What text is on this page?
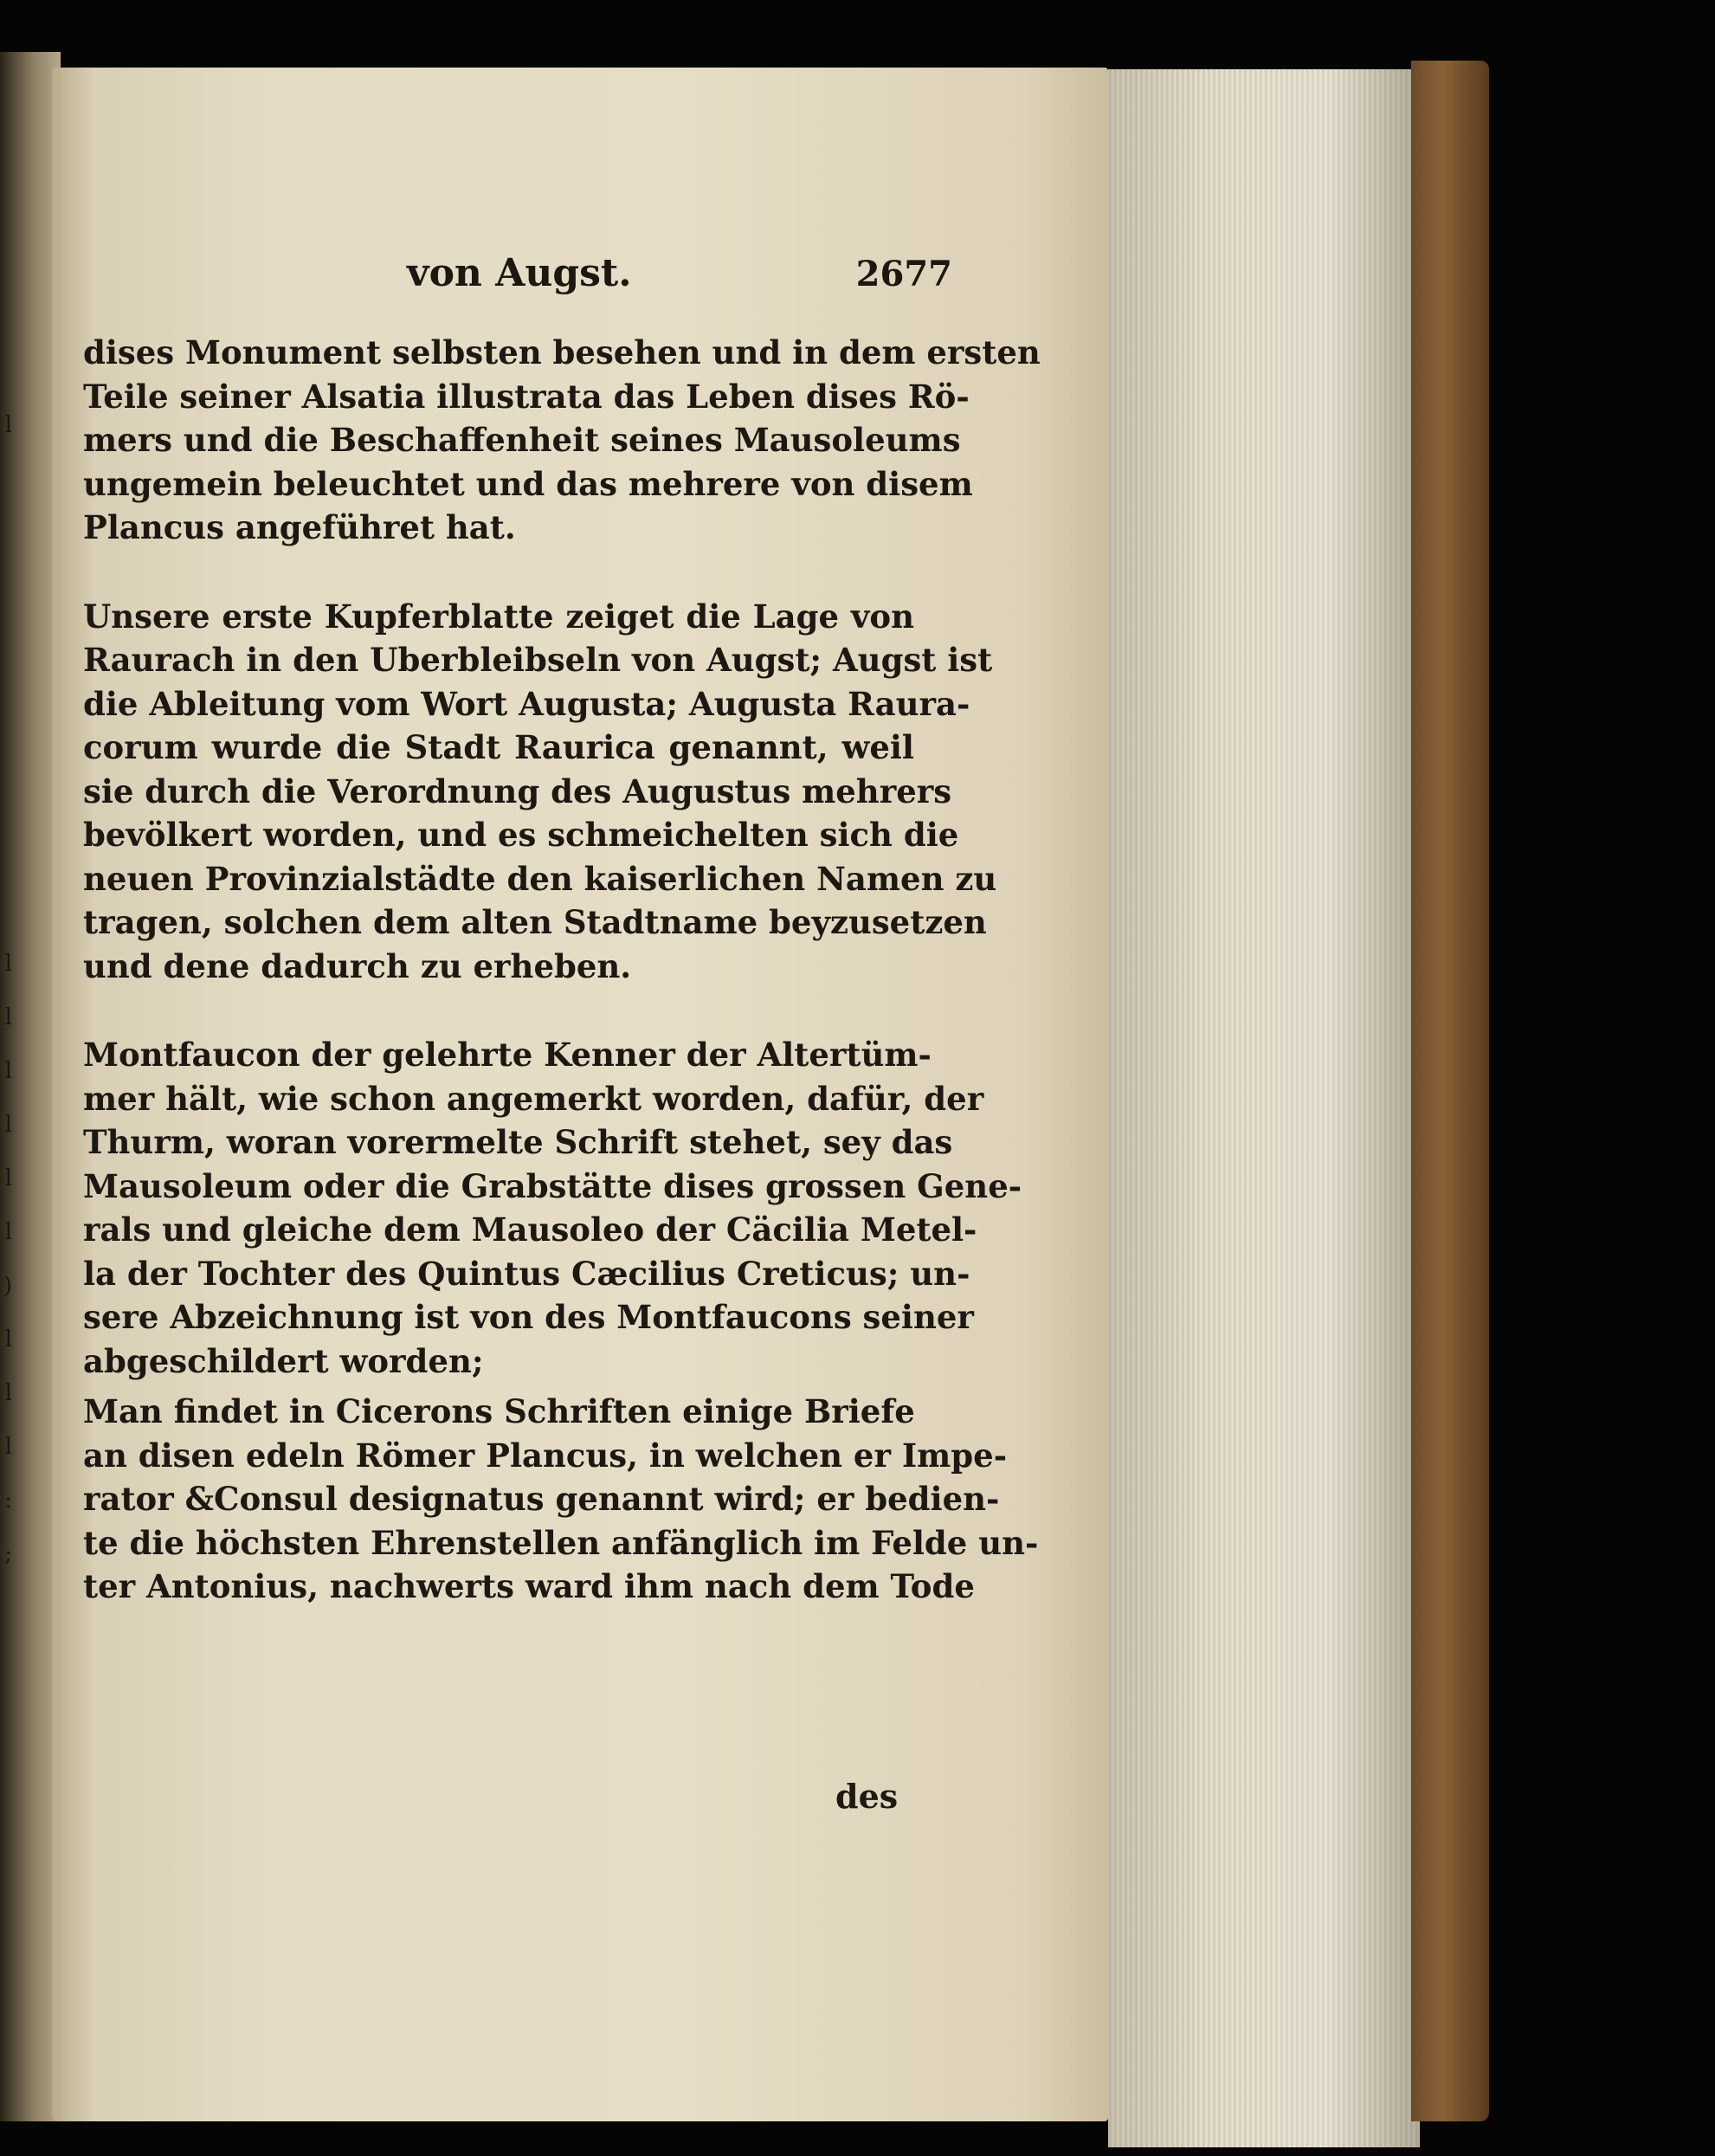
l
l
l
l
l
l
l
)
l
l
l
:
;
von Augst.	2677

dises Monument selbsten besehen und in dem ersten
Teile seiner Alsatia illustrata das Leben dises Rö-
mers und die Beschaffenheit seines Mausoleums
ungemein beleuchtet und das mehrere von disem
Plancus angeführet hat.

Unsere erste Kupferblatte zeiget die Lage von
Raurach in den Uberbleibseln von Augst; Augst ist
die Ableitung vom Wort Augusta; Augusta Raura-
corum wurde die Stadt Raurica genannt, weil
sie durch die Verordnung des Augustus mehrers
bevölkert worden, und es schmeichelten sich die
neuen Provinzialstädte den kaiserlichen Namen zu
tragen, solchen dem alten Stadtname beyzusetzen
und dene dadurch zu erheben.

Montfaucon der gelehrte Kenner der Altertüm-
mer hält, wie schon angemerkt worden, dafür, der
Thurm, woran vorermelte Schrift stehet, sey das
Mausoleum oder die Grabstätte dises grossen Gene-
rals und gleiche dem Mausoleo der Cäcilia Metel-
la der Tochter des Quintus Cæcilius Creticus; un-
sere Abzeichnung ist von des Montfaucons seiner
abgeschildert worden;

Man findet in Cicerons Schriften einige Briefe
an disen edeln Römer Plancus, in welchen er Impe-
rator &Consul designatus genannt wird; er bedien-
te die höchsten Ehrenstellen anfänglich im Felde un-
ter Antonius, nachwerts ward ihm nach dem Tode

des
